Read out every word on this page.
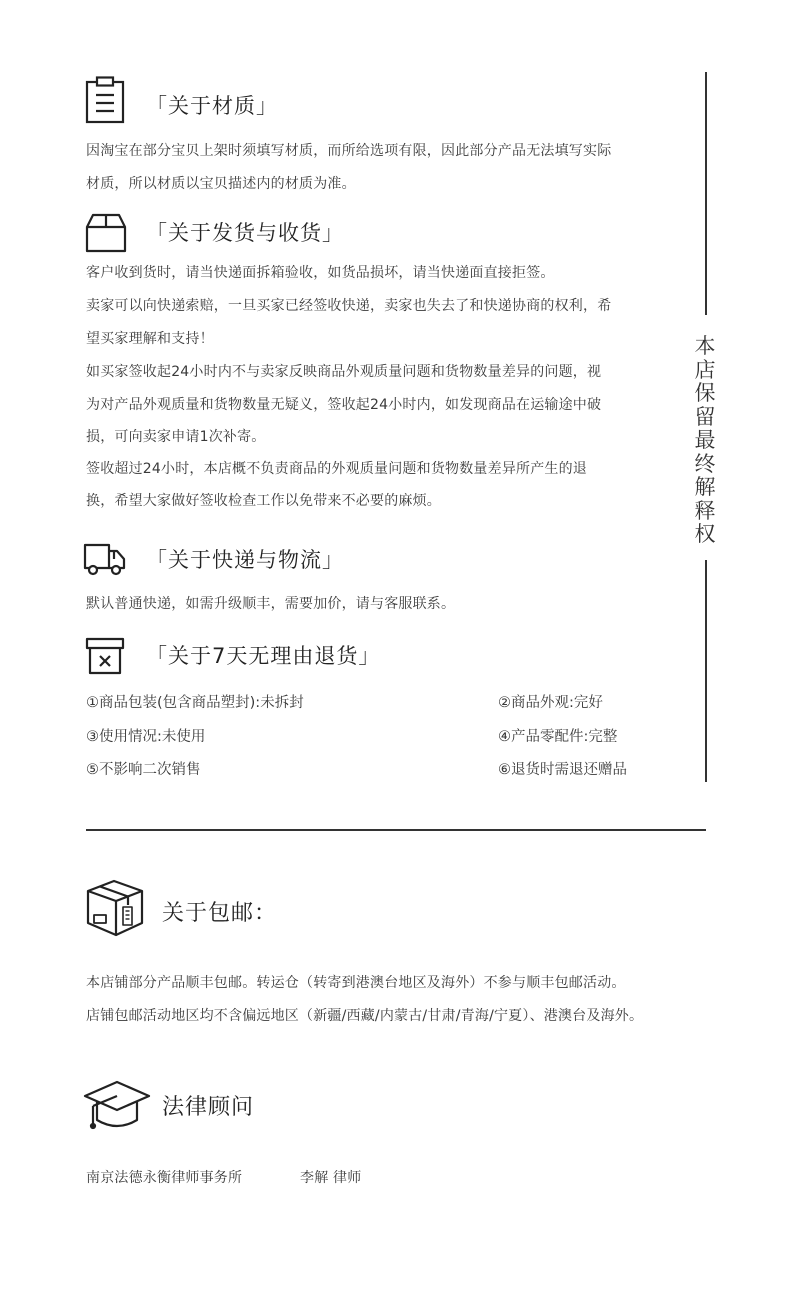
本店保留最终解释权
「关于材质」
因淘宝在部分宝贝上架时须填写材质，而所给选项有限，因此部分产品无法填写实际
材质，所以材质以宝贝描述内的材质为准。
「关于发货与收货」
客户收到货时，请当快递面拆箱验收，如货品损坏，请当快递面直接拒签。
卖家可以向快递索赔，一旦买家已经签收快递，卖家也失去了和快递协商的权利，希
望买家理解和支持！
如买家签收起24小时内不与卖家反映商品外观质量问题和货物数量差异的问题，视
为对产品外观质量和货物数量无疑义，签收起24小时内，如发现商品在运输途中破
损，可向卖家申请1次补寄。
签收超过24小时，本店概不负责商品的外观质量问题和货物数量差异所产生的退
换，希望大家做好签收检查工作以免带来不必要的麻烦。
「关于快递与物流」
默认普通快递，如需升级顺丰，需要加价，请与客服联系。
「关于7天无理由退货」
①商品包装(包含商品塑封):未拆封	②商品外观:完好
③使用情况:未使用	④产品零配件:完整
⑤不影响二次销售	⑥退货时需退还赠品
关于包邮：
本店铺部分产品顺丰包邮。转运仓（转寄到港澳台地区及海外）不参与顺丰包邮活动。
店铺包邮活动地区均不含偏远地区（新疆/西藏/内蒙古/甘肃/青海/宁夏）、港澳台及海外。
法律顾问
南京法德永衡律师事务所	李解 律师
